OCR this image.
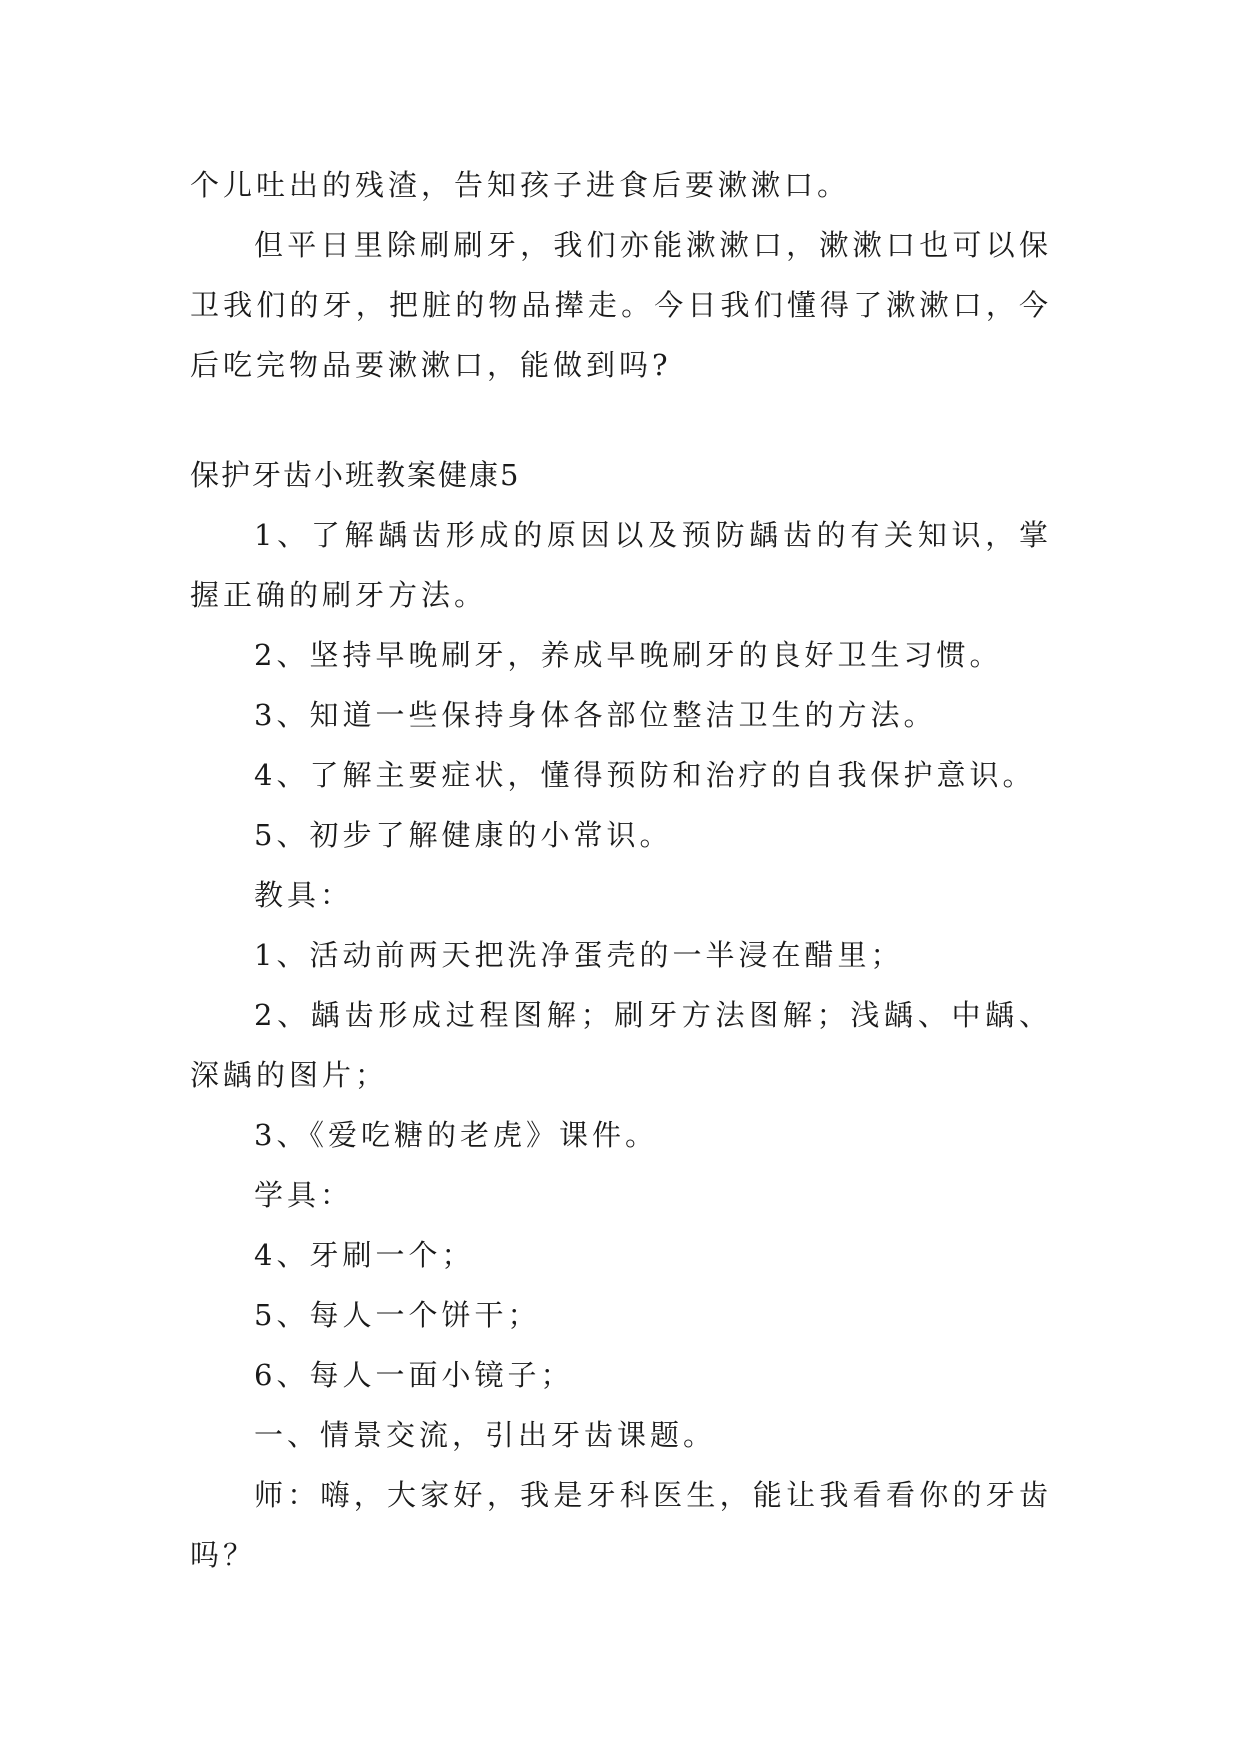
个儿吐出的残渣，告知孩子进食后要漱漱口。

但平日里除刷刷牙，我们亦能漱漱口，漱漱口也可以保卫我们的牙，把脏的物品撵走。今日我们懂得了漱漱口，今后吃完物品要漱漱口，能做到吗?

保护牙齿小班教案健康5

1、了解龋齿形成的原因以及预防龋齿的有关知识，掌握正确的刷牙方法。

2、坚持早晚刷牙，养成早晚刷牙的良好卫生习惯。

3、知道一些保持身体各部位整洁卫生的方法。

4、了解主要症状，懂得预防和治疗的自我保护意识。

5、初步了解健康的小常识。

教具：

1、活动前两天把洗净蛋壳的一半浸在醋里；

2、龋齿形成过程图解；刷牙方法图解；浅龋、中龋、深龋的图片；

3、《爱吃糖的老虎》课件。

学具：

4、牙刷一个；

5、每人一个饼干；

6、每人一面小镜子；

一、情景交流，引出牙齿课题。

师：嗨，大家好，我是牙科医生，能让我看看你的牙齿吗？
